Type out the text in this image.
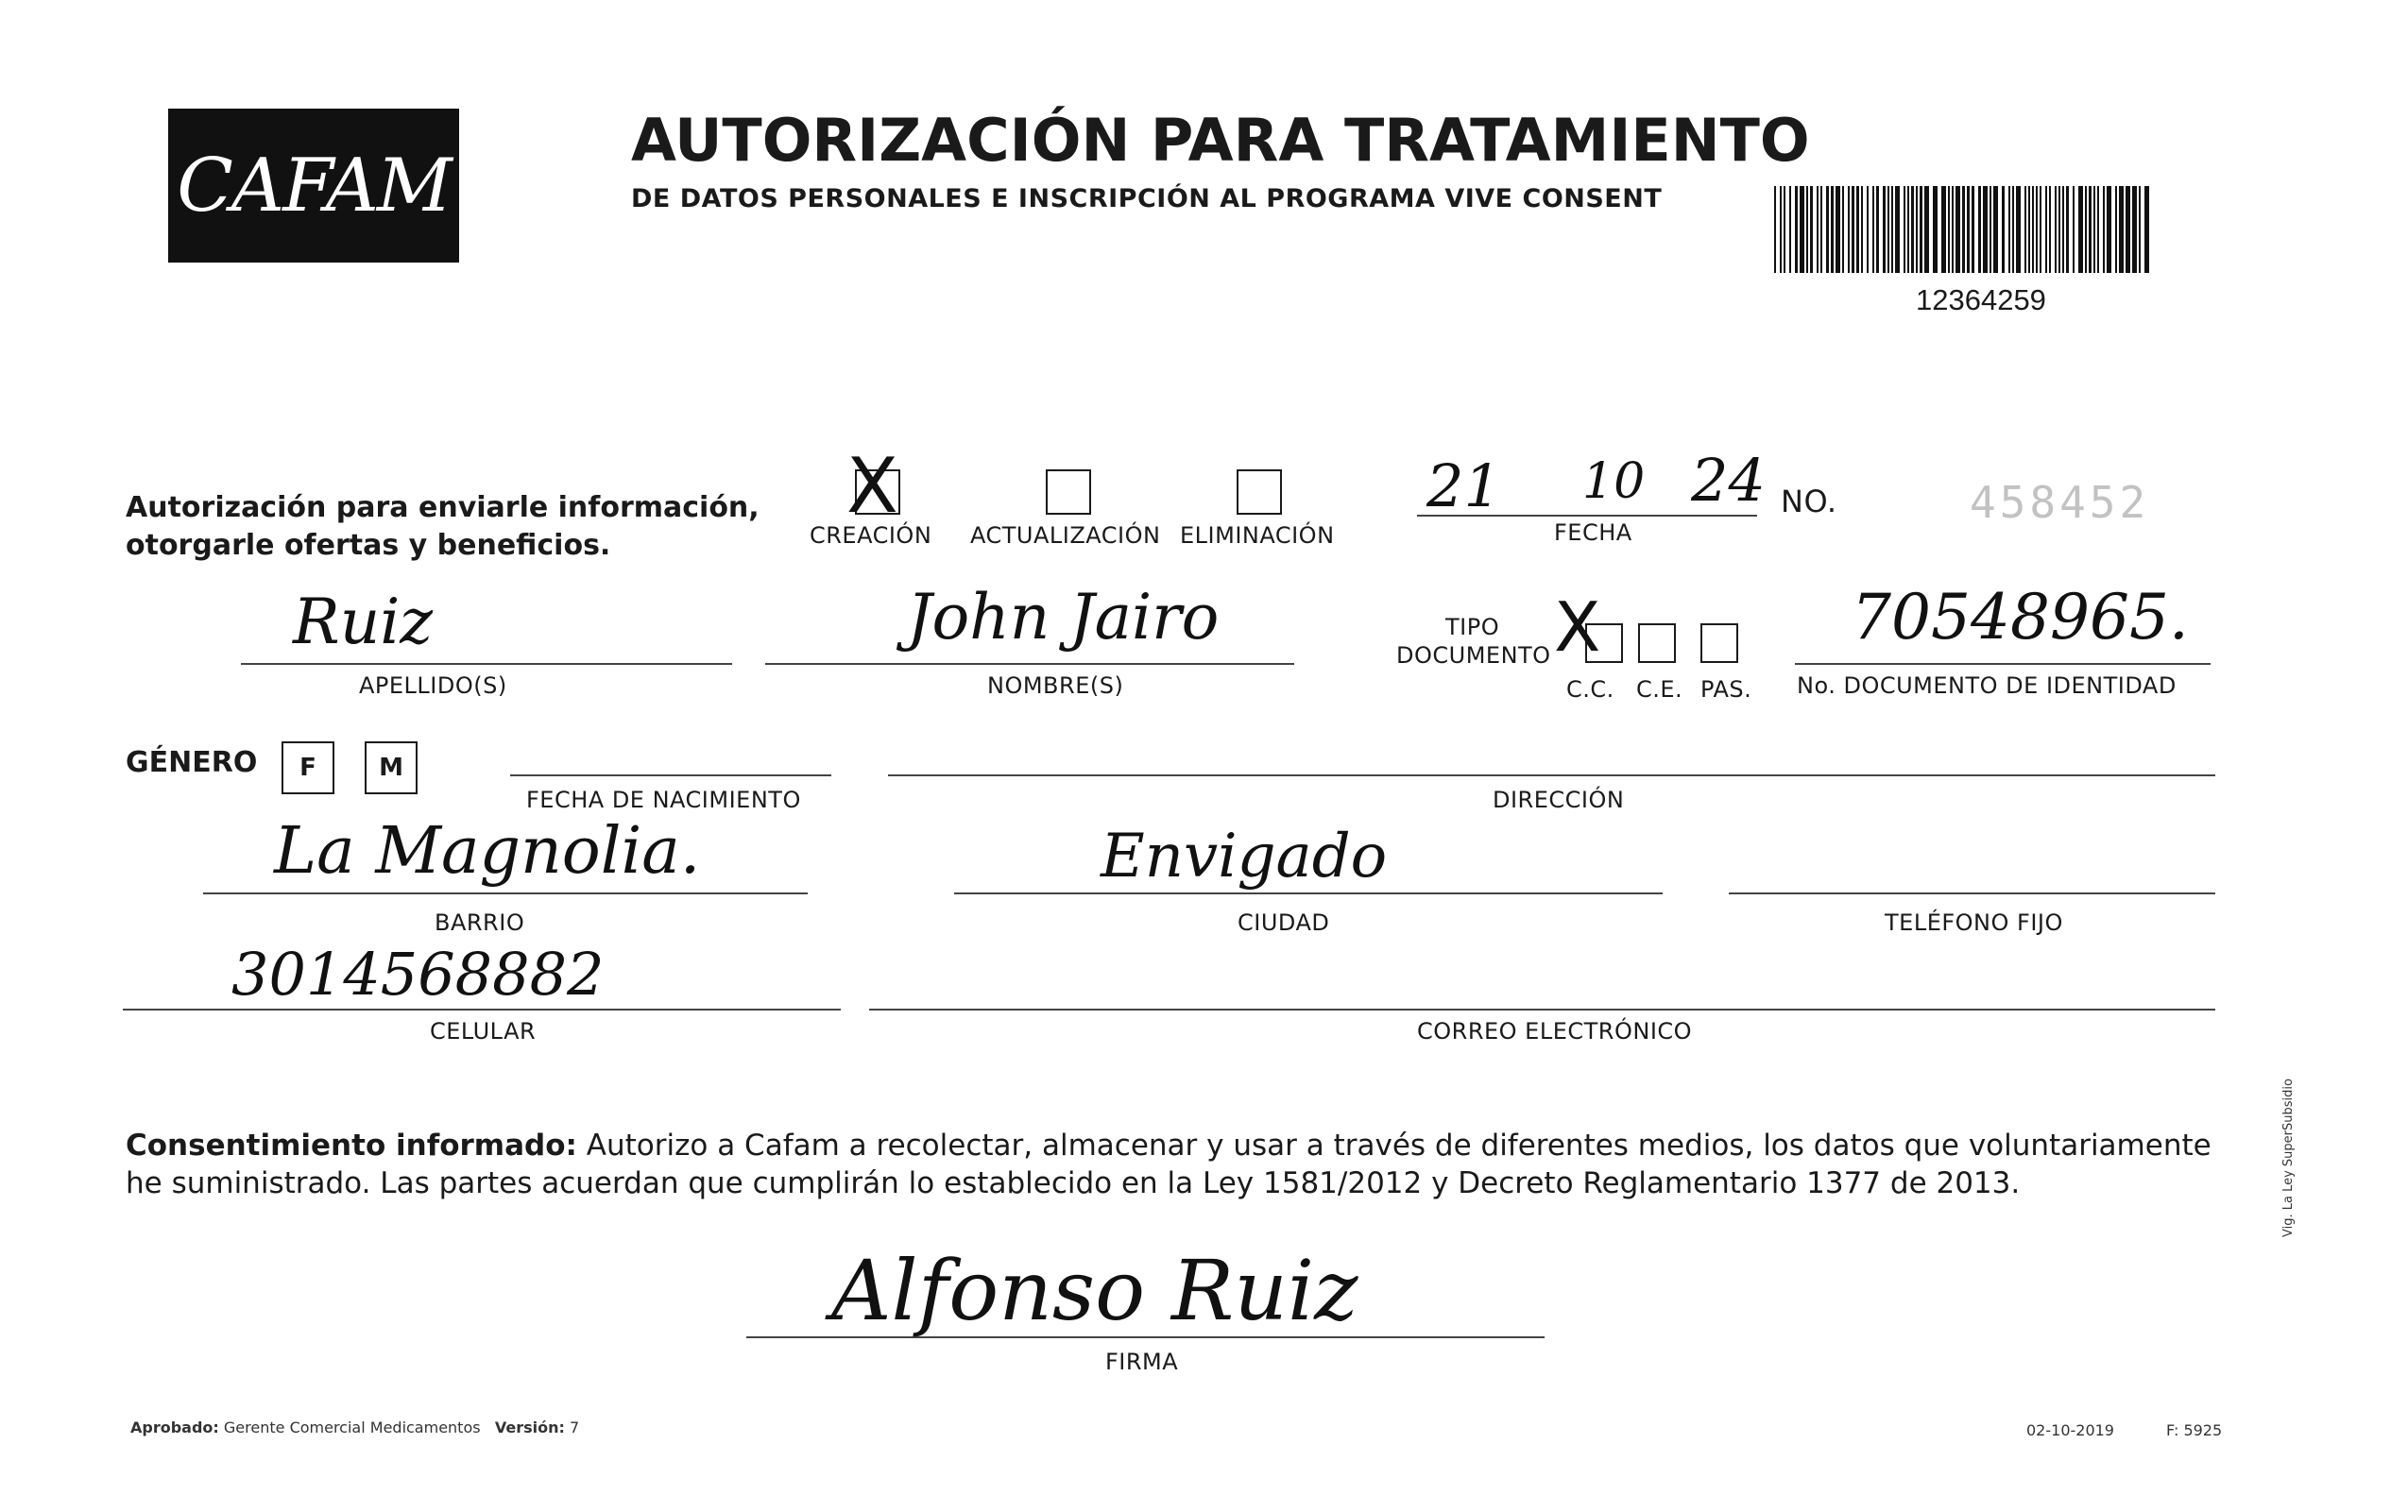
CAFAM
AUTORIZACIÓN PARA TRATAMIENTO
DE DATOS PERSONALES E INSCRIPCIÓN AL PROGRAMA VIVE CONSENT
12364259
Autorización para enviarle información,
otorgarle ofertas y beneficios.
X
CREACIÓN ACTUALIZACIÓN ELIMINACIÓN
21 10 24
FECHA
NO.	458452
Ruiz
APELLIDO(S)
John Jairo
NOMBRE(S)
TIPO
DOCUMENTO X
C.C. C.E. PAS.
70548965.
No. DOCUMENTO DE IDENTIDAD
GÉNERO F	M
FECHA DE NACIMIENTO	DIRECCIÓN
La Magnolia.
BARRIO
Envigado
CIUDAD	TELÉFONO FIJO
3014568882
CELULAR	CORREO ELECTRÓNICO
Consentimiento informado: Autorizo a Cafam a recolectar, almacenar y usar a través de diferentes medios, los datos que voluntariamente he suministrado. Las partes acuerdan que cumplirán lo establecido en la Ley 1581/2012 y Decreto Reglamentario 1377 de 2013.
Alfonso Ruiz
FIRMA
Aprobado: Gerente Comercial Medicamentos Versión: 7	02-10-2019	F: 5925
Vig. La Ley SuperSubsidio
